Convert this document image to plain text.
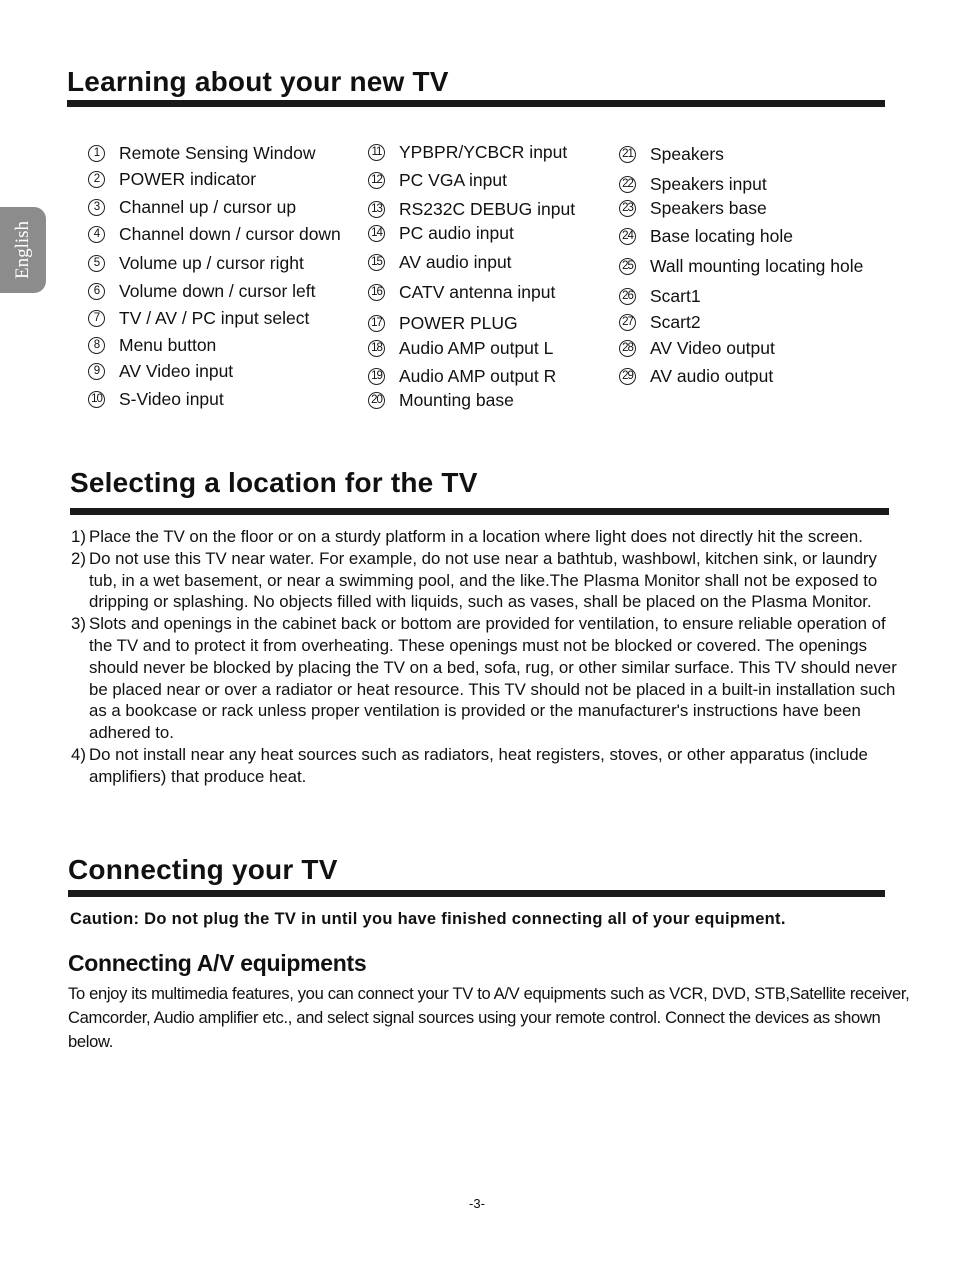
English
Learning about your new TV
1	Remote Sensing Window
2	POWER indicator
3	Channel up / cursor up
4	Channel down / cursor down
5	Volume up / cursor right
6	Volume down / cursor left
7	TV / AV / PC input select
8	Menu button
9	AV Video input
10 S-Video input
11 YPBPR/YCBCR input
12 PC VGA input
13 RS232C DEBUG input
14 PC audio input
15 AV audio input
16 CATV antenna input
17 POWER PLUG
18 Audio AMP output L
19 Audio AMP output R
20 Mounting base
21 Speakers
22 Speakers input
23 Speakers base
24 Base locating hole
25 Wall mounting locating hole
26 Scart1
27 Scart2
28 AV Video output
29 AV audio output
Selecting a location for the TV
1) Place the TV on the floor or on a sturdy platform in a location where light does not directly hit the screen.
2) Do not use this TV near water. For example, do not use near a bathtub, washbowl, kitchen sink, or laundry tub, in a wet basement, or near a swimming pool, and the like.The Plasma Monitor shall not be exposed to dripping or splashing. No objects filled with liquids, such as vases, shall be placed on the Plasma Monitor.
3) Slots and openings in the cabinet back or bottom are provided for ventilation, to ensure reliable operation of the TV and to protect it from overheating. These openings must not be blocked or covered. The openings should never be blocked by placing the TV on a bed, sofa, rug, or other similar surface. This TV should never be placed near or over a radiator or heat resource. This TV should not be placed in a built-in installation such as a bookcase or rack unless proper ventilation is provided or the manufacturer's instructions have been adhered to.
4) Do not install near any heat sources such as radiators, heat registers, stoves, or other apparatus (include amplifiers) that produce heat.
Connecting your TV

Caution: Do not plug the TV in until you have finished connecting all of your equipment.

Connecting A/V equipments

To enjoy its multimedia features, you can connect your TV to A/V equipments such as VCR, DVD, STB,Satellite receiver, Camcorder, Audio amplifier etc., and select signal sources using your remote control. Connect the devices as shown below.

-3-
